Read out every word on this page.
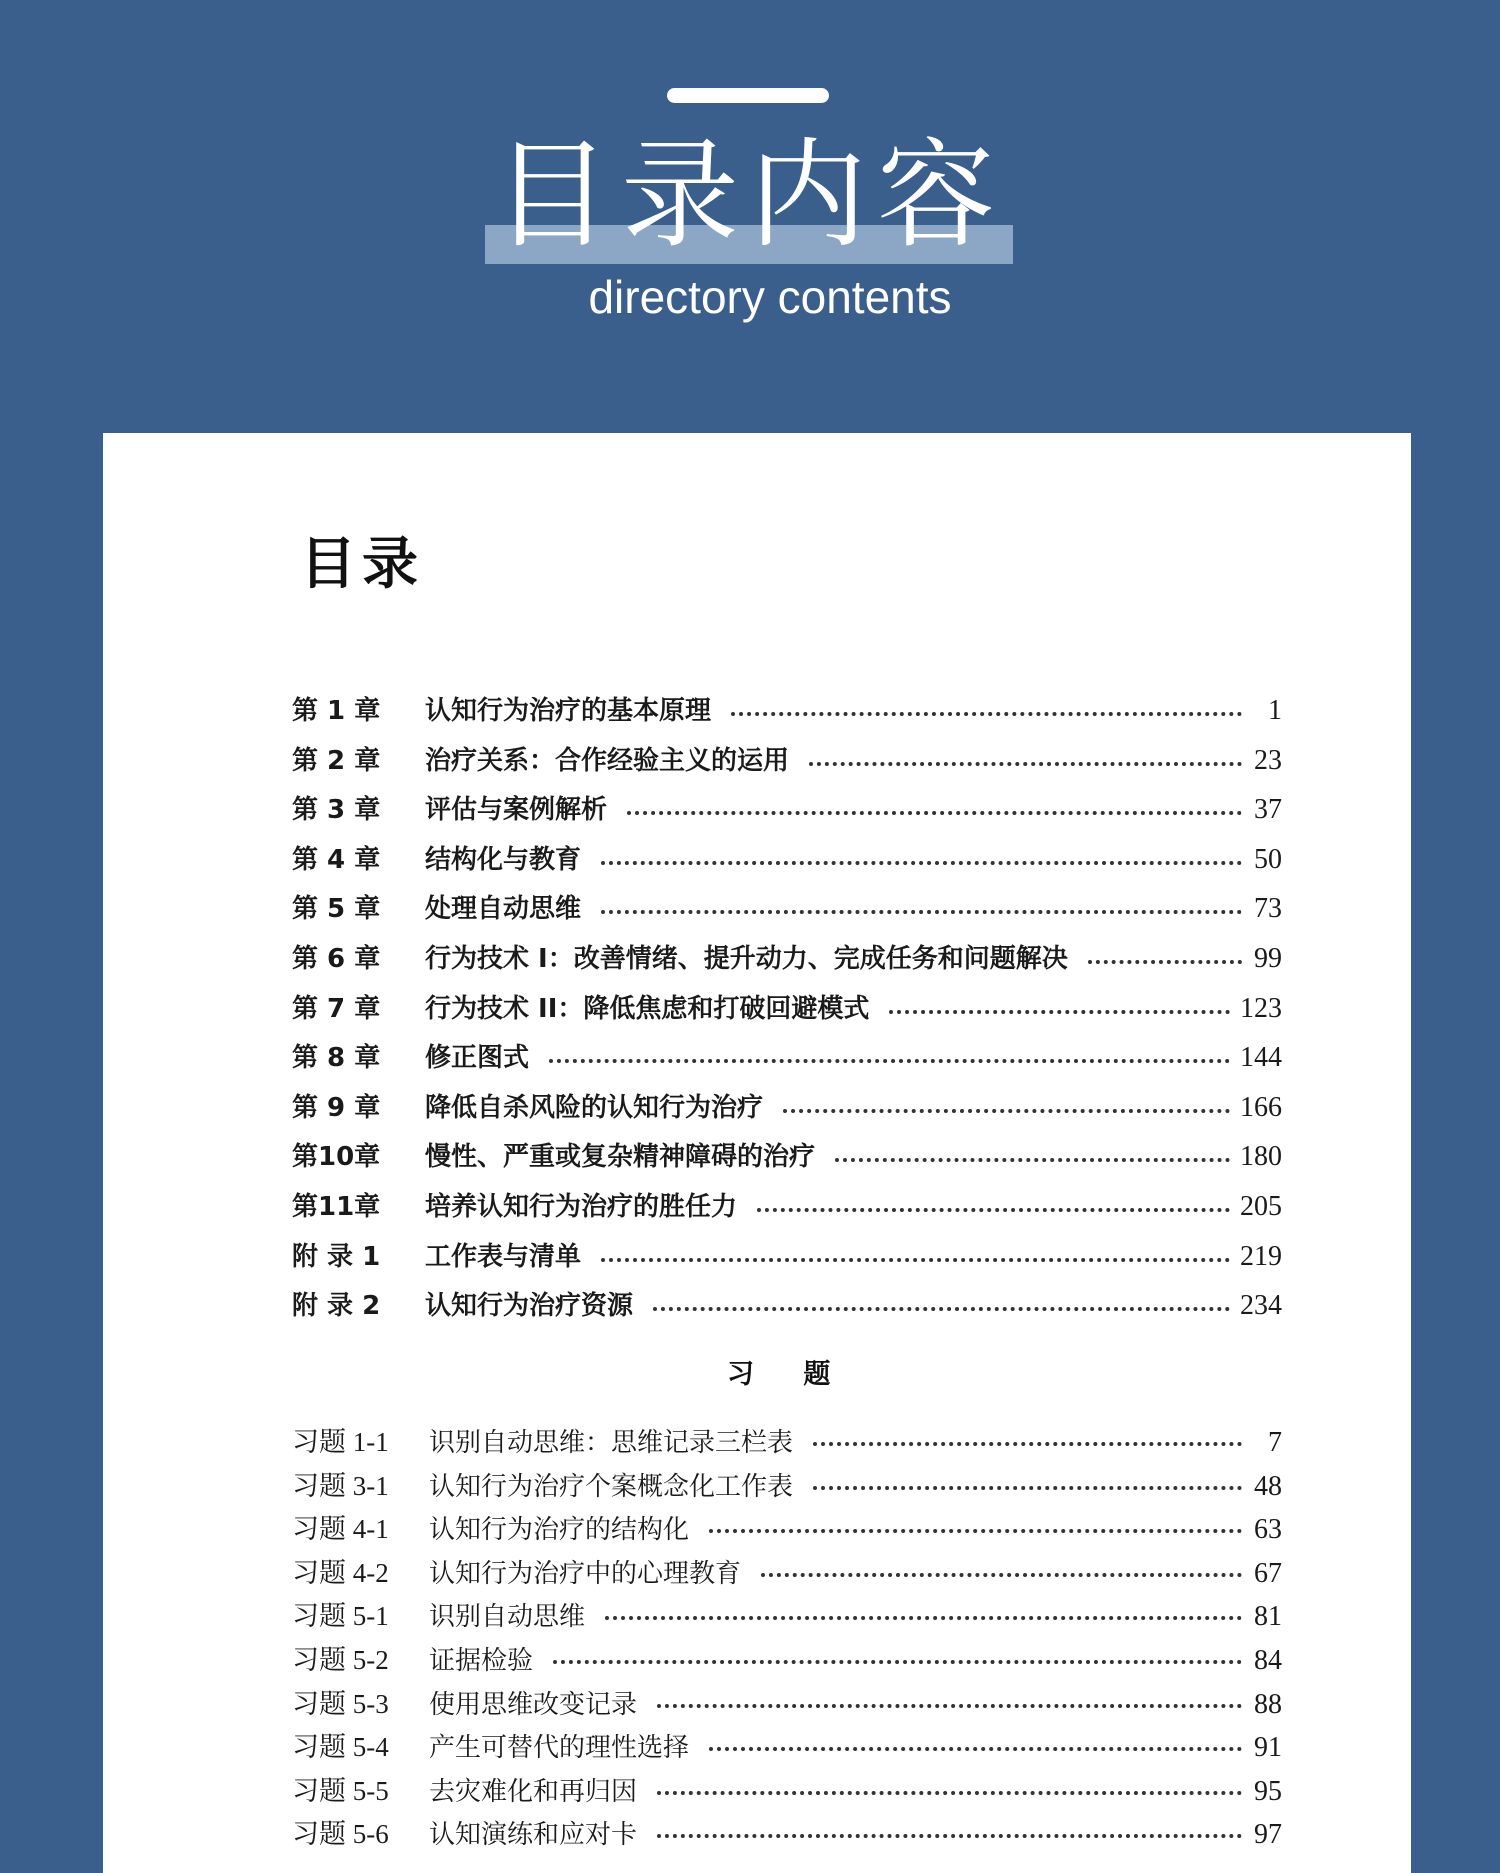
目录内容
directory contents
目录
第 1 章	认知行为治疗的基本原理	1
第 2 章	治疗关系：合作经验主义的运用	23
第 3 章	评估与案例解析	37
第 4 章	结构化与教育	50
第 5 章	处理自动思维	73
第 6 章	行为技术 I：改善情绪、提升动力、完成任务和问题解决	99
第 7 章	行为技术 II：降低焦虑和打破回避模式	123
第 8 章	修正图式	144
第 9 章	降低自杀风险的认知行为治疗	166
第10章	慢性、严重或复杂精神障碍的治疗	180
第11章	培养认知行为治疗的胜任力	205
附 录 1	工作表与清单	219
附 录 2	认知行为治疗资源	234
习 题
习题 1-1	识别自动思维：思维记录三栏表	7
习题 3-1	认知行为治疗个案概念化工作表	48
习题 4-1	认知行为治疗的结构化	63
习题 4-2	认知行为治疗中的心理教育	67
习题 5-1	识别自动思维	81
习题 5-2	证据检验	84
习题 5-3	使用思维改变记录	88
习题 5-4	产生可替代的理性选择	91
习题 5-5	去灾难化和再归因	95
习题 5-6	认知演练和应对卡	97
